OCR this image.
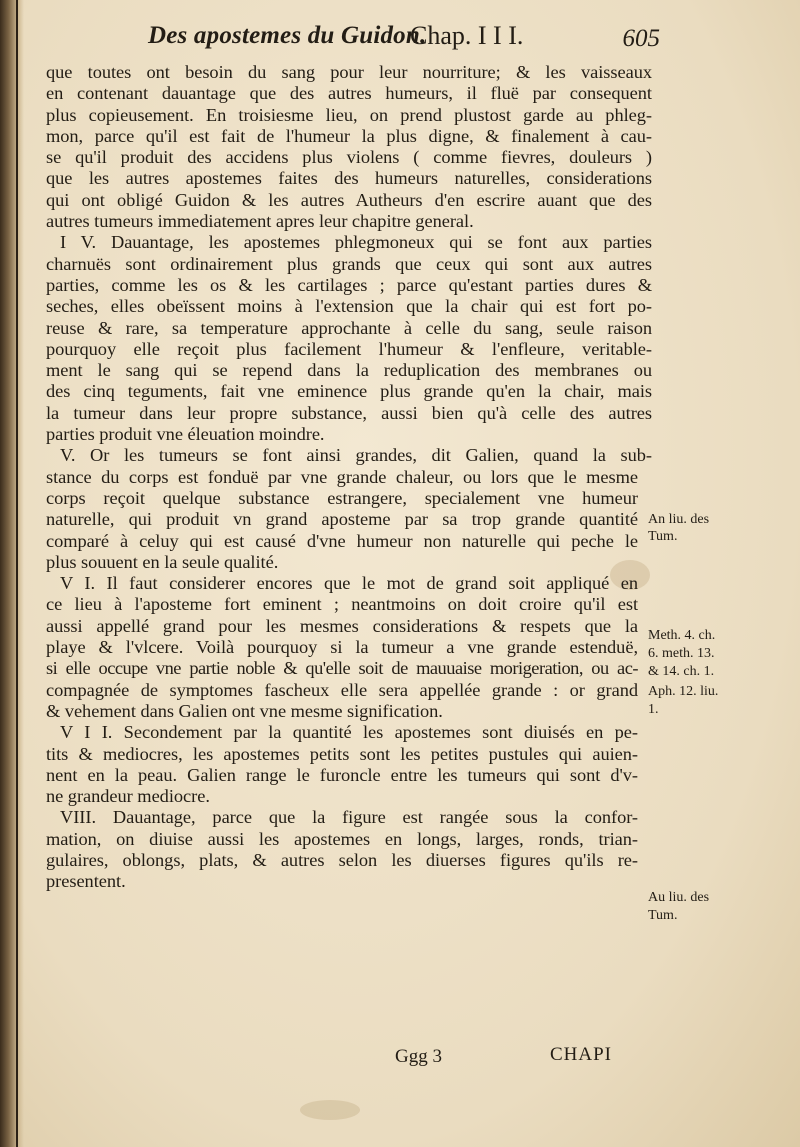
Des apostemes du Guidon.
Chap. I I I.	605
que toutes ont besoin du sang pour leur nourriture; & les vaisseaux
en contenant dauantage que des autres humeurs, il fluë par consequent
plus copieusement. En troisiesme lieu, on prend plustost garde au phleg-
mon, parce qu'il est fait de l'humeur la plus digne, & finalement à cau-
se qu'il produit des accidens plus violens ( comme fievres, douleurs )
que les autres apostemes faites des humeurs naturelles, considerations
qui ont obligé Guidon & les autres Autheurs d'en escrire auant que des
autres tumeurs immediatement apres leur chapitre general.
I V. Dauantage, les apostemes phlegmoneux qui se font aux parties
charnuës sont ordinairement plus grands que ceux qui sont aux autres
parties, comme les os & les cartilages ; parce qu'estant parties dures &
seches, elles obeïssent moins à l'extension que la chair qui est fort po-
reuse & rare, sa temperature approchante à celle du sang, seule raison
pourquoy elle reçoit plus facilement l'humeur & l'enfleure, veritable-
ment le sang qui se repend dans la reduplication des membranes ou
des cinq teguments, fait vne eminence plus grande qu'en la chair, mais
la tumeur dans leur propre substance, aussi bien qu'à celle des autres
parties produit vne éleuation moindre.
V. Or les tumeurs se font ainsi grandes, dit Galien, quand la sub-
stance du corps est fonduë par vne grande chaleur, ou lors que le mesme
corps reçoit quelque substance estrangere, specialement vne humeur
naturelle, qui produit vn grand aposteme par sa trop grande quantité
comparé à celuy qui est causé d'vne humeur non naturelle qui peche le
plus souuent en la seule qualité.
V I. Il faut considerer encores que le mot de grand soit appliqué en
ce lieu à l'aposteme fort eminent ; neantmoins on doit croire qu'il est
aussi appellé grand pour les mesmes considerations & respets que la
playe & l'vlcere. Voilà pourquoy si la tumeur a vne grande estenduë,
si elle occupe vne partie noble & qu'elle soit de mauuaise morigeration, ou ac-
compagnée de symptomes fascheux elle sera appellée grande : or grand
& vehement dans Galien ont vne mesme signification.
V I I. Secondement par la quantité les apostemes sont diuisés en pe-
tits & mediocres, les apostemes petits sont les petites pustules qui auien-
nent en la peau. Galien range le furoncle entre les tumeurs qui sont d'v-
ne grandeur mediocre.
VIII. Dauantage, parce que la figure est rangée sous la confor-
mation, on diuise aussi les apostemes en longs, larges, ronds, trian-
gulaires, oblongs, plats, & autres selon les diuerses figures qu'ils re-
presentent.
An liu. des
Tum.
Meth. 4. ch.
6. meth. 13.
& 14. ch. 1.
Aph. 12. liu.
1.
Au liu. des
Tum.
Ggg 3	CHAPI
